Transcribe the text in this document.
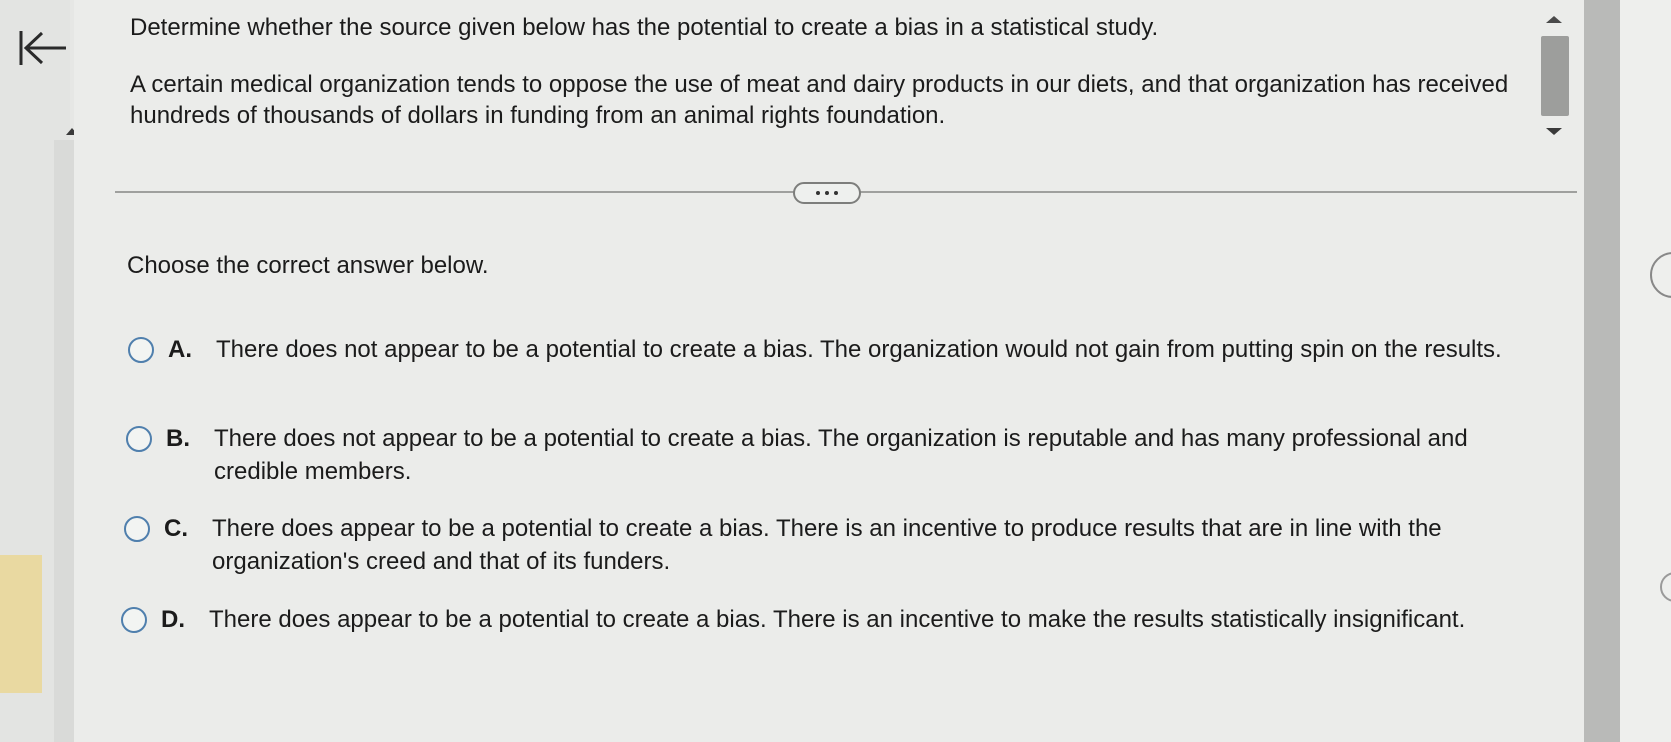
Determine whether the source given below has the potential to create a bias in a statistical study.

A certain medical organization tends to oppose the use of meat and dairy products in our diets, and that organization has received hundreds of thousands of dollars in funding from an animal rights foundation.

Choose the correct answer below.
A.	There does not appear to be a potential to create a bias. The organization would not gain from putting spin on the results.
B.	There does not appear to be a potential to create a bias. The organization is reputable and has many professional and credible members.
C.	There does appear to be a potential to create a bias. There is an incentive to produce results that are in line with the organization's creed and that of its funders.
D.	There does appear to be a potential to create a bias. There is an incentive to make the results statistically insignificant.
